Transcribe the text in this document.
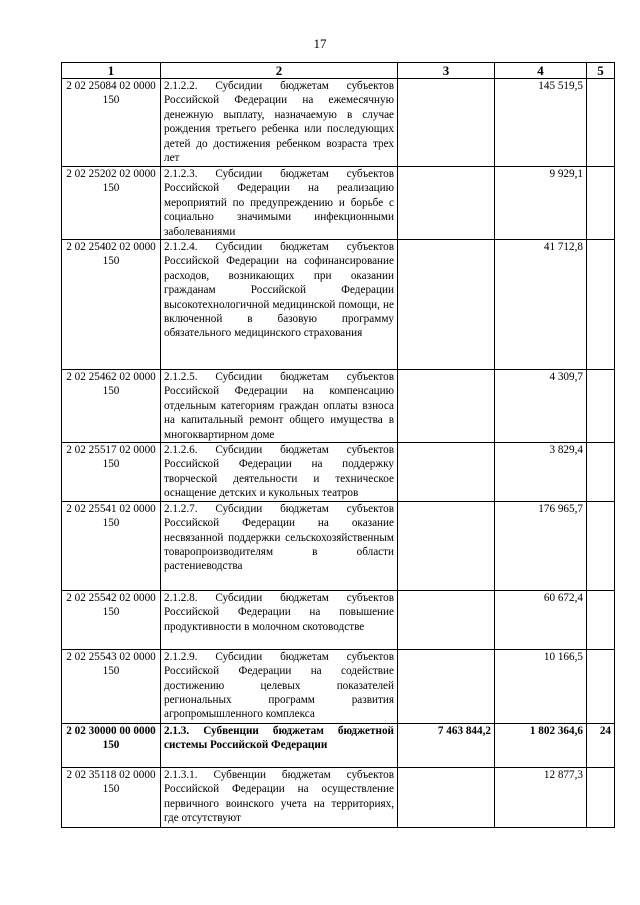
17
1	2	3	4	5
2 02 25084 02 0000 150	2.1.2.2. Субсидии бюджетам субъектов Российской Федерации на ежемесячную денежную выплату, назначаемую в случае рождения третьего ребенка или последующих детей до достижения ребенком возраста трех лет		145 519,5	
2 02 25202 02 0000 150	2.1.2.3. Субсидии бюджетам субъектов Российской Федерации на реализацию мероприятий по предупреждению и борьбе с социально значимыми инфекционными заболеваниями		9 929,1	
2 02 25402 02 0000 150	2.1.2.4. Субсидии бюджетам субъектов Российской Федерации на софинансирование расходов, возникающих при оказании гражданам Российской Федерации высокотехнологичной медицинской помощи, не включенной в базовую программу обязательного медицинского страхования		41 712,8	
2 02 25462 02 0000 150	2.1.2.5. Субсидии бюджетам субъектов Российской Федерации на компенсацию отдельным категориям граждан оплаты взноса на капитальный ремонт общего имущества в многоквартирном доме		4 309,7	
2 02 25517 02 0000 150	2.1.2.6. Субсидии бюджетам субъектов Российской Федерации на поддержку творческой деятельности и техническое оснащение детских и кукольных театров		3 829,4	
2 02 25541 02 0000 150	2.1.2.7. Субсидии бюджетам субъектов Российской Федерации на оказание несвязанной поддержки сельскохозяйственным товаропроизводителям в области растениеводства		176 965,7	
2 02 25542 02 0000 150	2.1.2.8. Субсидии бюджетам субъектов Российской Федерации на повышение продуктивности в молочном скотоводстве		60 672,4	
2 02 25543 02 0000 150	2.1.2.9. Субсидии бюджетам субъектов Российской Федерации на содействие достижению целевых показателей региональных программ развития агропромышленного комплекса		10 166,5	
2 02 30000 00 0000 150	2.1.3. Субвенции бюджетам бюджетной системы Российской Федерации	7 463 844,2	1 802 364,6	24
2 02 35118 02 0000 150	2.1.3.1. Субвенции бюджетам субъектов Российской Федерации на осуществление первичного воинского учета на территориях, где отсутствуют		12 877,3	
